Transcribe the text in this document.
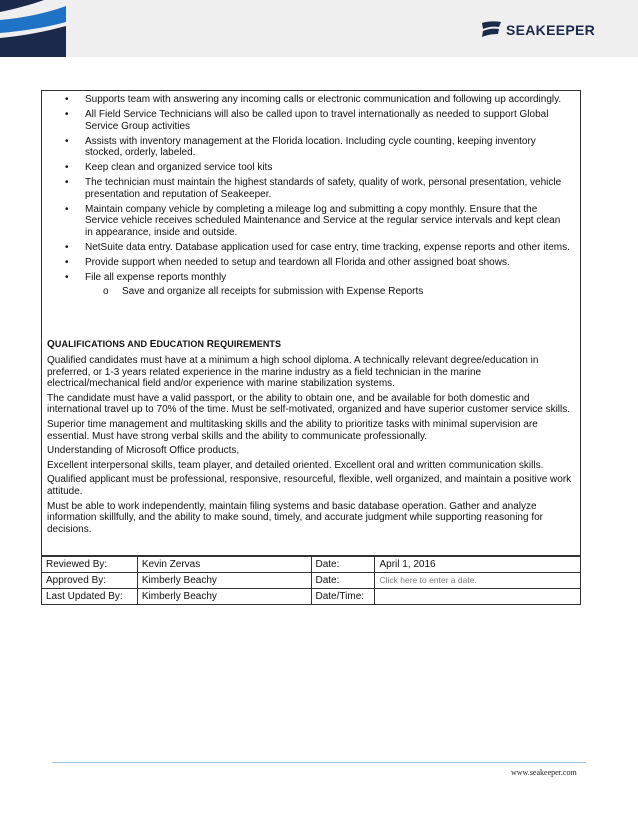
SEAKEEPER
• Supports team with answering any incoming calls or electronic communication and following up accordingly.
• All Field Service Technicians will also be called upon to travel internationally as needed to support Global Service Group activities
• Assists with inventory management at the Florida location. Including cycle counting, keeping inventory stocked, orderly, labeled.
• Keep clean and organized service tool kits
• The technician must maintain the highest standards of safety, quality of work, personal presentation, vehicle presentation and reputation of Seakeeper.
• Maintain company vehicle by completing a mileage log and submitting a copy monthly. Ensure that the Service vehicle receives scheduled Maintenance and Service at the regular service intervals and kept clean in appearance, inside and outside.
• NetSuite data entry. Database application used for case entry, time tracking, expense reports and other items.
• Provide support when needed to setup and teardown all Florida and other assigned boat shows.
• File all expense reports monthly
o Save and organize all receipts for submission with Expense Reports
QUALIFICATIONS AND EDUCATION REQUIREMENTS

Qualified candidates must have at a minimum a high school diploma. A technically relevant degree/education in preferred, or 1-3 years related experience in the marine industry as a field technician in the marine electrical/mechanical field and/or experience with marine stabilization systems.

The candidate must have a valid passport, or the ability to obtain one, and be available for both domestic and international travel up to 70% of the time. Must be self-motivated, organized and have superior customer service skills.

Superior time management and multitasking skills and the ability to prioritize tasks with minimal supervision are essential. Must have strong verbal skills and the ability to communicate professionally.

Understanding of Microsoft Office products,

Excellent interpersonal skills, team player, and detailed oriented. Excellent oral and written communication skills.

Qualified applicant must be professional, responsive, resourceful, flexible, well organized, and maintain a positive work attitude.

Must be able to work independently, maintain filing systems and basic database operation. Gather and analyze information skillfully, and the ability to make sound, timely, and accurate judgment while supporting reasoning for decisions.

Reviewed By:	Kevin Zervas	Date:	April 1, 2016
Approved By:	Kimberly Beachy	Date:	Click here to enter a date.
Last Updated By:	Kimberly Beachy	Date/Time:	
www.seakeeper.com
